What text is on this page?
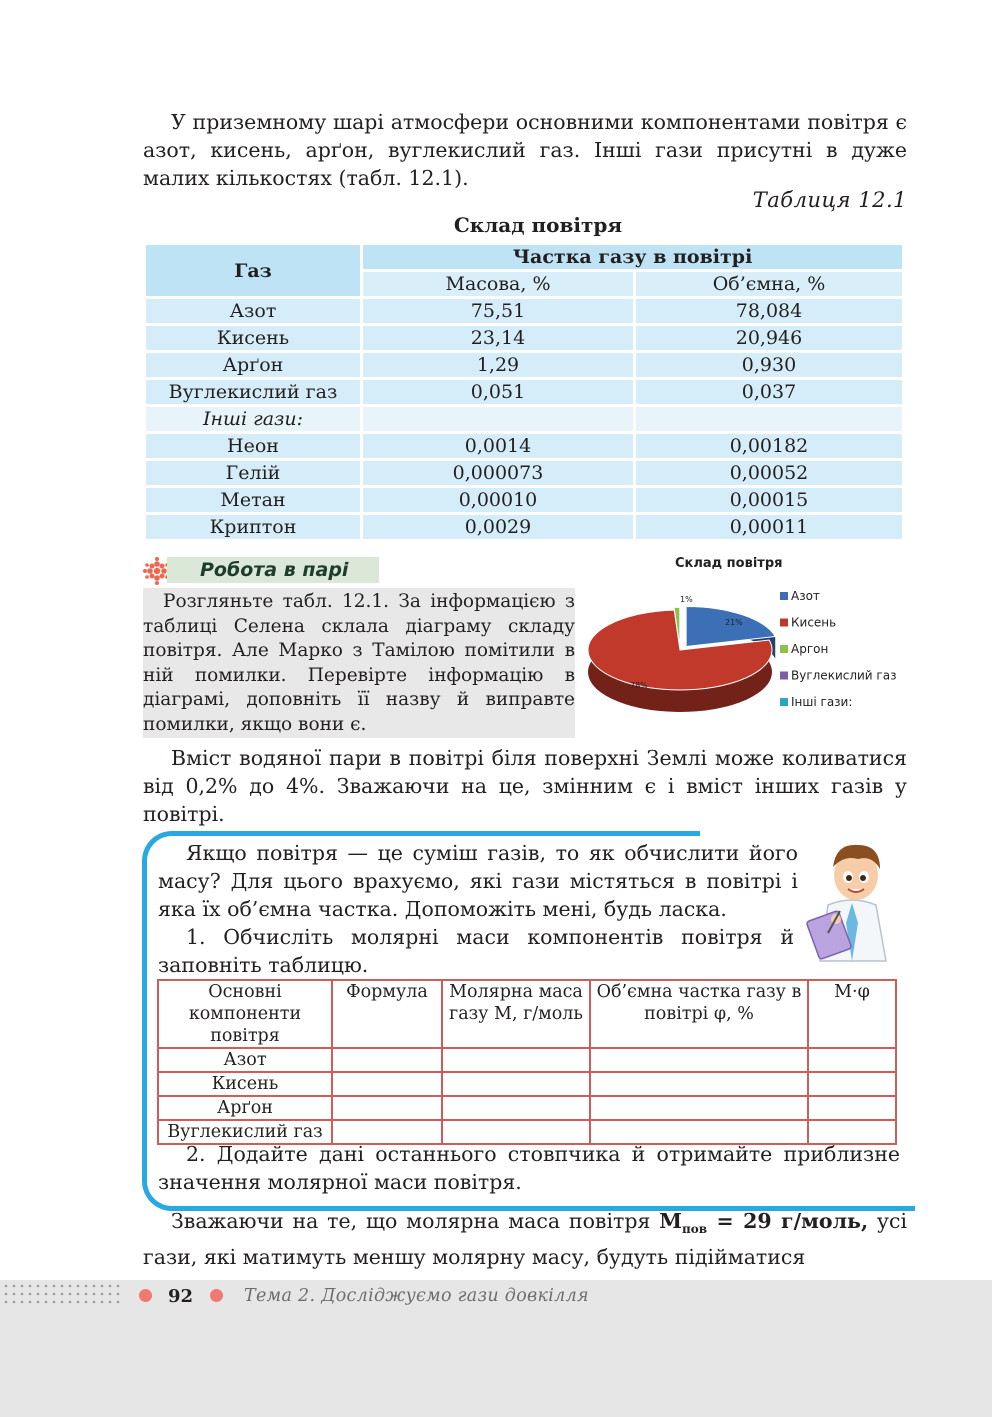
У приземному шарі атмосфери основними компонентами повітря є азот, кисень, арґон, вуглекислий газ. Інші гази присутні в дуже малих кількостях (табл. 12.1).

Таблиця 12.1
Склад повітря
Газ	Частка газу в повітрі	
	Масова, %	Об’ємна, %
Азот	75,51	78,084
Кисень	23,14	20,946
Арґон	1,29	0,930
Вуглекислий газ	0,051	0,037
Інші гази:		
Неон	0,0014	0,00182
Гелій	0,000073	0,00052
Метан	0,00010	0,00015
Криптон	0,0029	0,00011
Робота в парі

Розгляньте табл. 12.1. За інформацією з таблиці Селена склала діаграму складу повітря. Але Марко з Тамілою помітили в ній помилки. Перевірте інформацію в діаграмі, доповніть її назву й виправте помилки, якщо вони є.

Склад повітря
21%
78%
1%	Азот
Кисень
Аргон
Вуглекислий газ
Інші гази:

Вміст водяної пари в повітрі біля поверхні Землі може коливатися від 0,2% до 4%. Зважаючи на це, змінним є і вміст інших газів у повітрі.

Якщо повітря — це суміш газів, то як обчислити його масу? Для цього врахуємо, які гази містяться в повітрі і яка їх об’ємна частка. Допоможіть мені, будь ласка.

1. Обчисліть молярні маси компонентів повітря й заповніть таблицю.

Основні компоненти повітря	Формула	Молярна маса газу M, г/моль	Об’ємна частка газу в повітрі φ, %	M·φ
Азот				
Кисень				
Арґон				
Вуглекислий газ				

2. Додайте дані останнього стовпчика й отримайте приблизне значення молярної маси повітря.

Зважаючи на те, що молярна маса повітря $M_{пов} = 29$ г/моль, усі гази, які матимуть меншу молярну масу, будуть підійматися

92	Тема 2. Досліджуємо гази довкілля
